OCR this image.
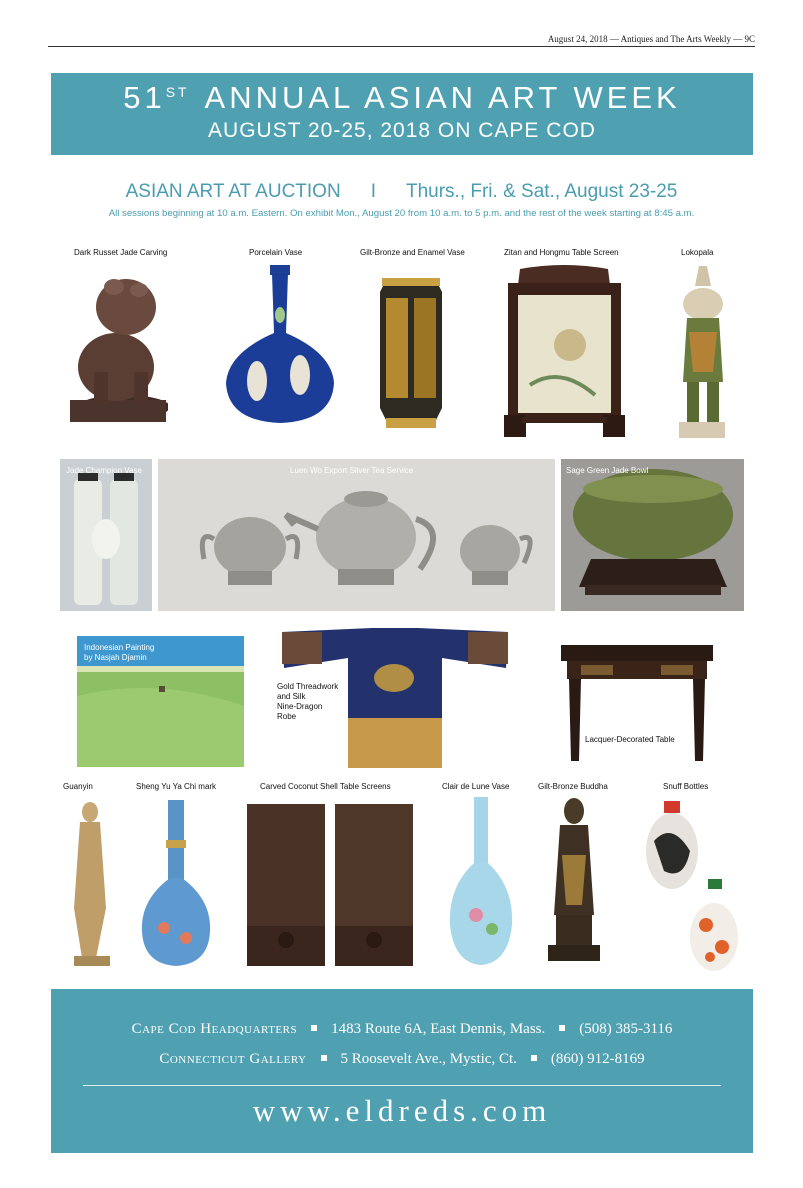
August 24, 2018 — Antiques and The Arts Weekly — 9C
51ST ANNUAL ASIAN ART WEEK
AUGUST 20-25, 2018 ON CAPE COD
ASIAN ART AT AUCTION I Thurs., Fri. & Sat., August 23-25
All sessions beginning at 10 a.m. Eastern. On exhibit Mon., August 20 from 10 a.m. to 5 p.m. and the rest of the week starting at 8:45 a.m.
Dark Russet Jade Carving	Porcelain Vase	Gilt-Bronze and Enamel Vase	Zitan and Hongmu Table Screen	Lokopala
Jade Champion Vase	Luen Wo Export Silver Tea Service	Sage Green Jade Bowl
Indonesian Painting
by Nasjah Djamin
Gold Threadwork
and Silk
Nine-Dragon
Robe
Lacquer-Decorated Table
Guanyin	Sheng Yu Ya Chi mark	Carved Coconut Shell Table Screens	Clair de Lune Vase	Gilt-Bronze Buddha	Snuff Bottles
Cape Cod Headquarters 1483 Route 6A, East Dennis, Mass. (508) 385-3116
Connecticut Gallery 5 Roosevelt Ave., Mystic, Ct. (860) 912-8169
www.eldreds.com
